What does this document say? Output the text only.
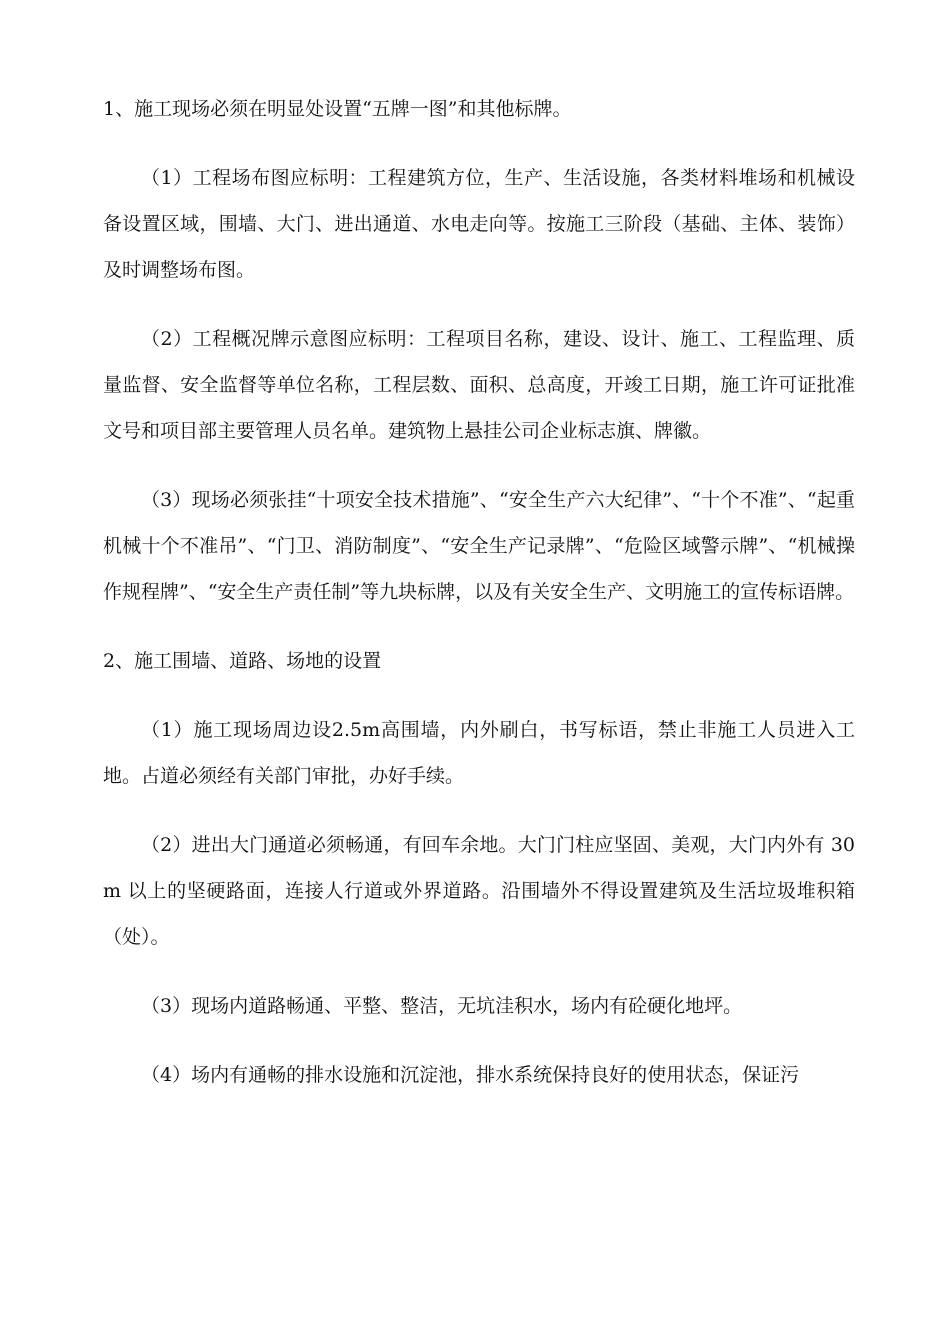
1、施工现场必须在明显处设置“五牌一图”和其他标牌。

（1）工程场布图应标明：工程建筑方位，生产、生活设施，各类材料堆场和机械设备设置区域，围墙、大门、进出通道、水电走向等。按施工三阶段（基础、主体、装饰）及时调整场布图。

（2）工程概况牌示意图应标明：工程项目名称，建设、设计、施工、工程监理、质量监督、安全监督等单位名称，工程层数、面积、总高度，开竣工日期，施工许可证批准文号和项目部主要管理人员名单。建筑物上悬挂公司企业标志旗、牌徽。

（3）现场必须张挂“十项安全技术措施”、“安全生产六大纪律”、“十个不准”、“起重机械十个不准吊”、“门卫、消防制度”、“安全生产记录牌”、“危险区域警示牌”、“机械操作规程牌”、“安全生产责任制”等九块标牌，以及有关安全生产、文明施工的宣传标语牌。

2、施工围墙、道路、场地的设置

（1）施工现场周边设2.5m高围墙，内外刷白，书写标语，禁止非施工人员进入工地。占道必须经有关部门审批，办好手续。

（2）进出大门通道必须畅通，有回车余地。大门门柱应坚固、美观，大门内外有 30m 以上的坚硬路面，连接人行道或外界道路。沿围墙外不得设置建筑及生活垃圾堆积箱（处）。

（3）现场内道路畅通、平整、整洁，无坑洼积水，场内有砼硬化地坪。

（4）场内有通畅的排水设施和沉淀池，排水系统保持良好的使用状态，保证污
